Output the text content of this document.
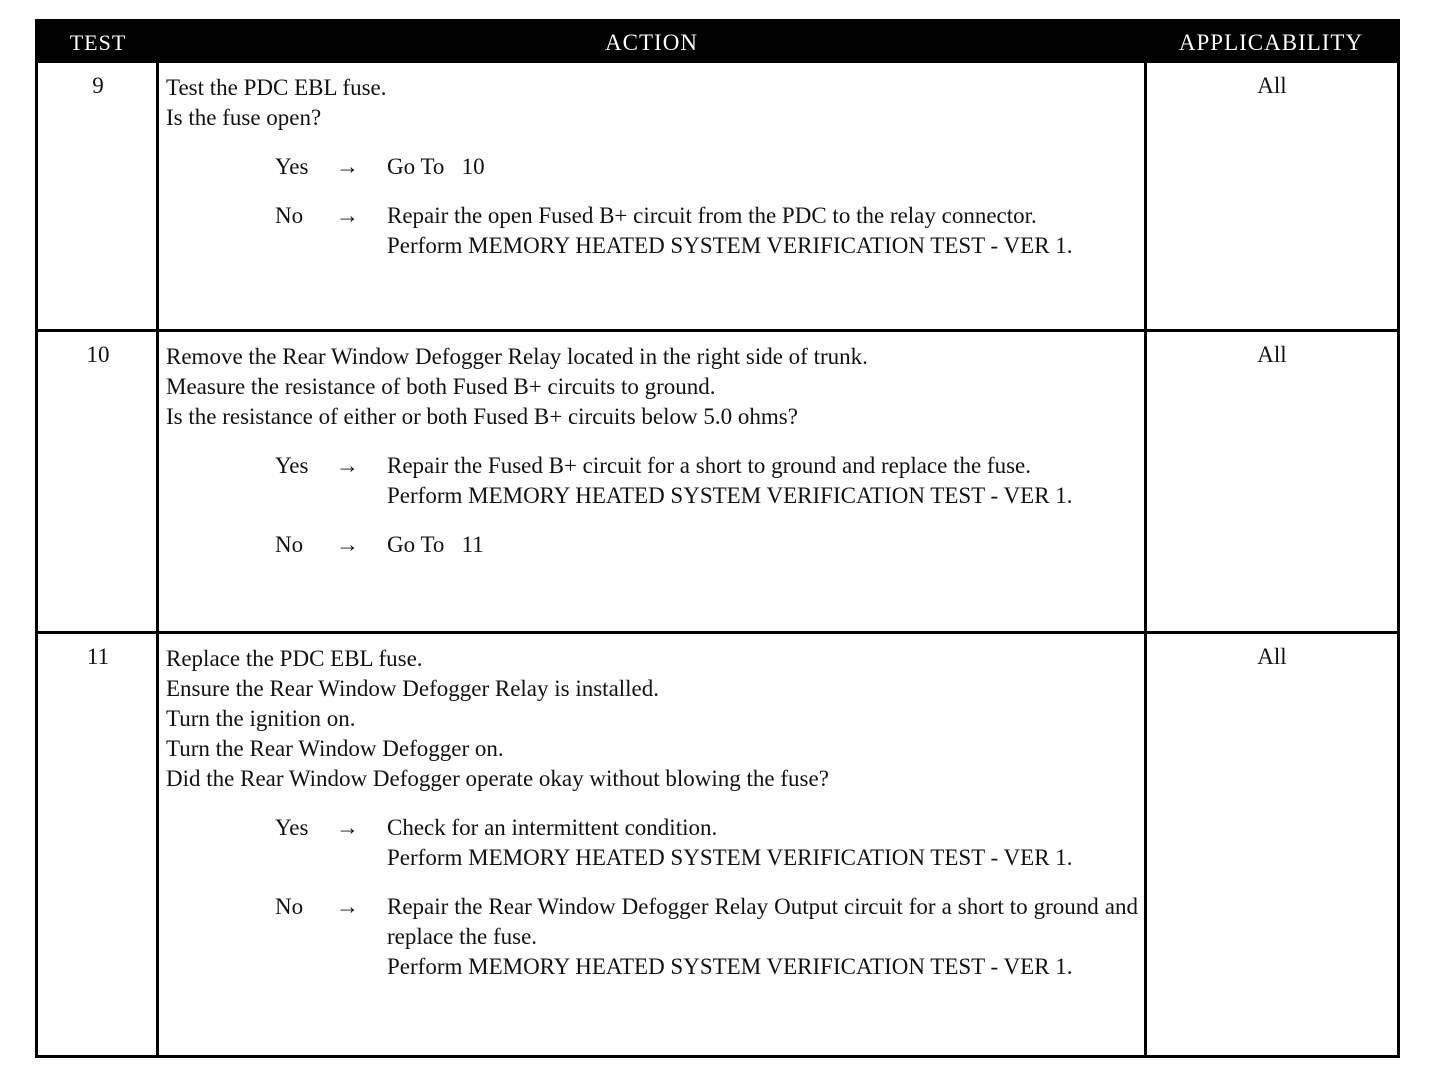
TEST	ACTION	APPLICABILITY
9	Test the PDC EBL fuse.

Is the fuse open?

Yes → Go To   10

No → Repair the open Fused B+ circuit from the PDC to the relay connector.

Perform MEMORY HEATED SYSTEM VERIFICATION TEST - VER 1.

All
10	Remove the Rear Window Defogger Relay located in the right side of trunk.

Measure the resistance of both Fused B+ circuits to ground.

Is the resistance of either or both Fused B+ circuits below 5.0 ohms?

Yes → Repair the Fused B+ circuit for a short to ground and replace the fuse.

Perform MEMORY HEATED SYSTEM VERIFICATION TEST - VER 1.

No → Go To   11

All
11	Replace the PDC EBL fuse.

Ensure the Rear Window Defogger Relay is installed.

Turn the ignition on.

Turn the Rear Window Defogger on.

Did the Rear Window Defogger operate okay without blowing the fuse?

Yes → Check for an intermittent condition.

Perform MEMORY HEATED SYSTEM VERIFICATION TEST - VER 1.

No → Repair the Rear Window Defogger Relay Output circuit for a short to ground and replace the fuse.

Perform MEMORY HEATED SYSTEM VERIFICATION TEST - VER 1.

All
